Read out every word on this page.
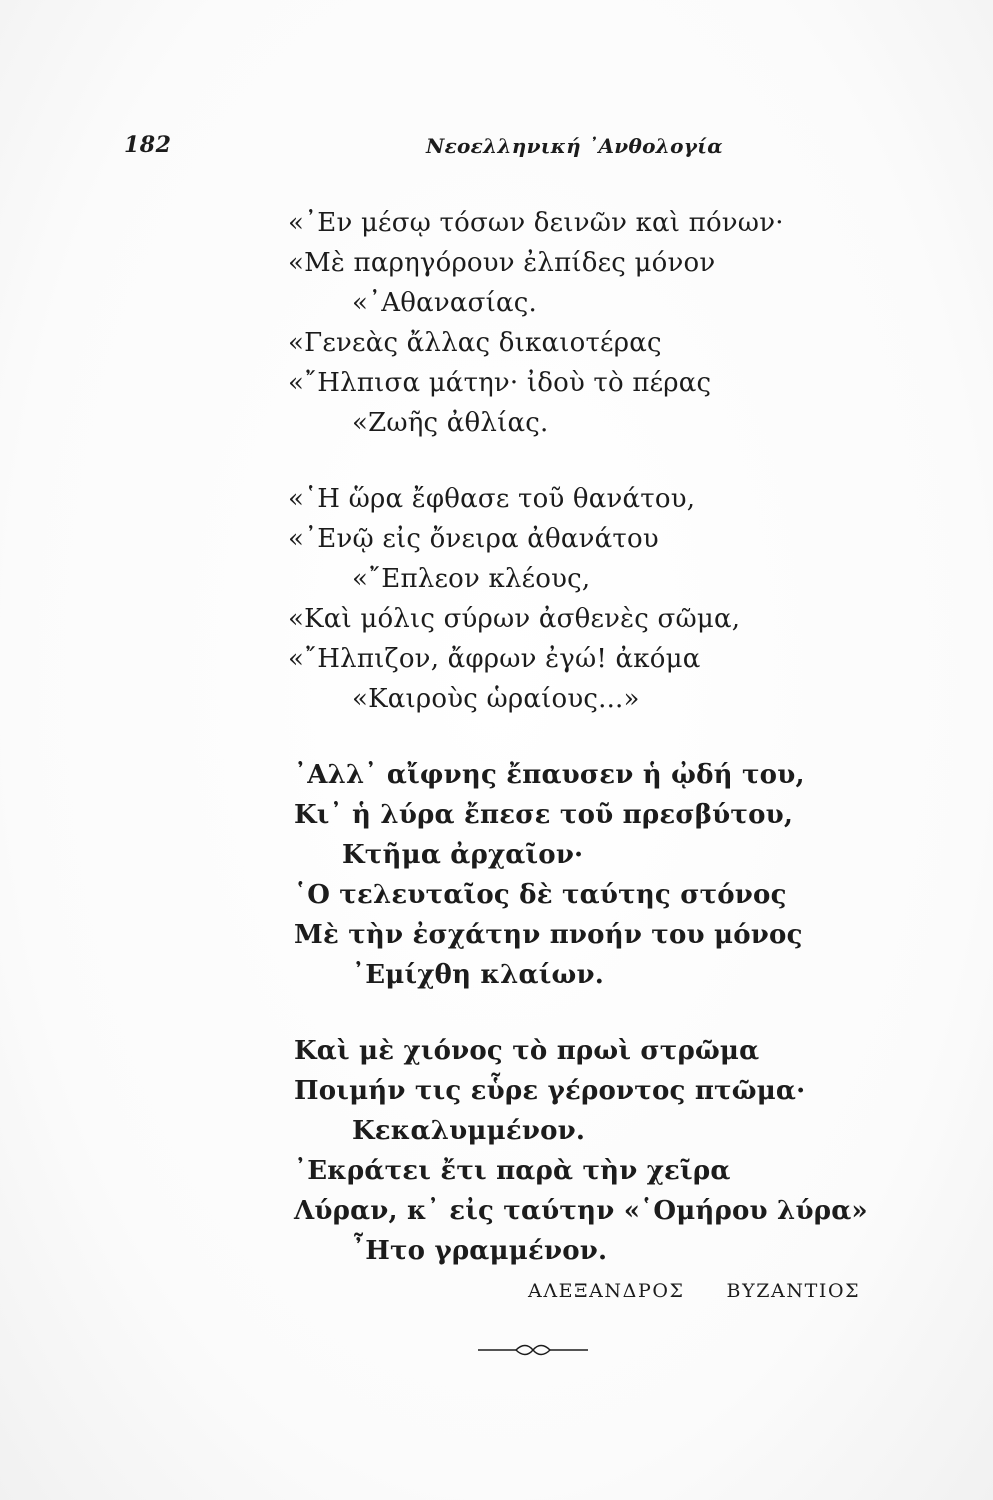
182	Νεοελληνική ᾿Ανθολογία
«᾿Εν μέσῳ τόσων δεινῶν καὶ πόνων·
«Μὲ παρηγόρουν ἐλπίδες μόνον
«᾿Αθανασίας.
«Γενεὰς ἄλλας δικαιοτέρας
«῎Ηλπισα μάτην· ἰδοὺ τὸ πέρας
«Ζωῆς ἀθλίας.
«῾Η ὥρα ἔφθασε τοῦ θανάτου,
«᾿Ενῷ εἰς ὄνειρα ἀθανάτου
«῎Επλεον κλέους,
«Καὶ μόλις σύρων ἀσθενὲς σῶμα,
«῎Ηλπιζον, ἄφρων ἐγώ! ἀκόμα
«Καιροὺς ὡραίους...»
᾿Αλλ᾿ αἴφνης ἔπαυσεν ἡ ᾠδή του,
Κι᾿ ἡ λύρα ἔπεσε τοῦ πρεσβύτου,
Κτῆμα ἀρχαῖον·
῾Ο τελευταῖος δὲ ταύτης στόνος
Μὲ τὴν ἐσχάτην πνοήν του μόνος
᾿Εμίχθη κλαίων.
Καὶ μὲ χιόνος τὸ πρωὶ στρῶμα
Ποιμήν τις εὗρε γέροντος πτῶμα·
Κεκαλυμμένον.
᾿Εκράτει ἔτι παρὰ τὴν χεῖρα
Λύραν, κ᾿ εἰς ταύτην «῾Ομήρου λύρα»
῏Ητο γραμμένον.
ΑΛΕΞΑΝΔΡΟΣ ΒΥΖΑΝΤΙΟΣ
